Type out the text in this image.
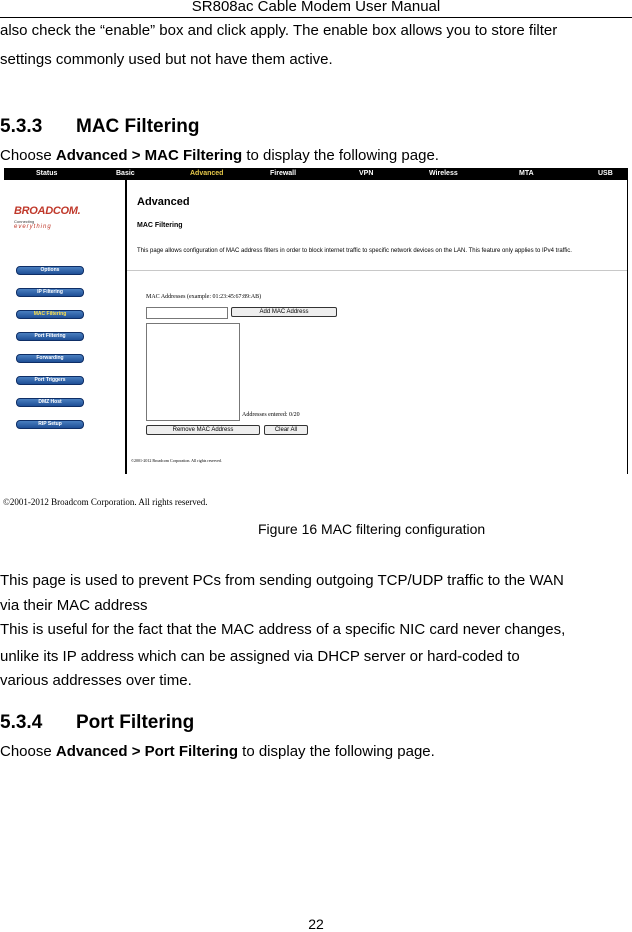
SR808ac Cable Modem User Manual
also check the “enable” box and click apply. The enable box allows you to store filter
settings commonly used but not have them active.
5.3.3 MAC Filtering
Choose Advanced > MAC Filtering to display the following page.
Status	Basic	Advanced	Firewall	VPN	Wireless	MTA	USB
BROADCOM.
Connecting
everything
Options
IP Filtering
MAC Filtering
Port Filtering
Forwarding
Port Triggers
DMZ Host
RIP Setup
Advanced
MAC Filtering
This page allows configuration of MAC address filters in order to block internet traffic to specific network devices on the LAN. This feature only applies to IPv4 traffic.
MAC Addresses (example: 01:23:45:67:89:AB)
Add MAC Address
Addresses entered: 0/20
Remove MAC Address	Clear All
©2001-2012 Broadcom Corporation. All rights reserved.
©2001-2012 Broadcom Corporation. All rights reserved.
Figure 16 MAC filtering configuration
This page is used to prevent PCs from sending outgoing TCP/UDP traffic to the WAN
via their MAC address
This is useful for the fact that the MAC address of a specific NIC card never changes,
unlike its IP address which can be assigned via DHCP server or hard-coded to
various addresses over time.
5.3.4 Port Filtering
Choose Advanced > Port Filtering to display the following page.
22
